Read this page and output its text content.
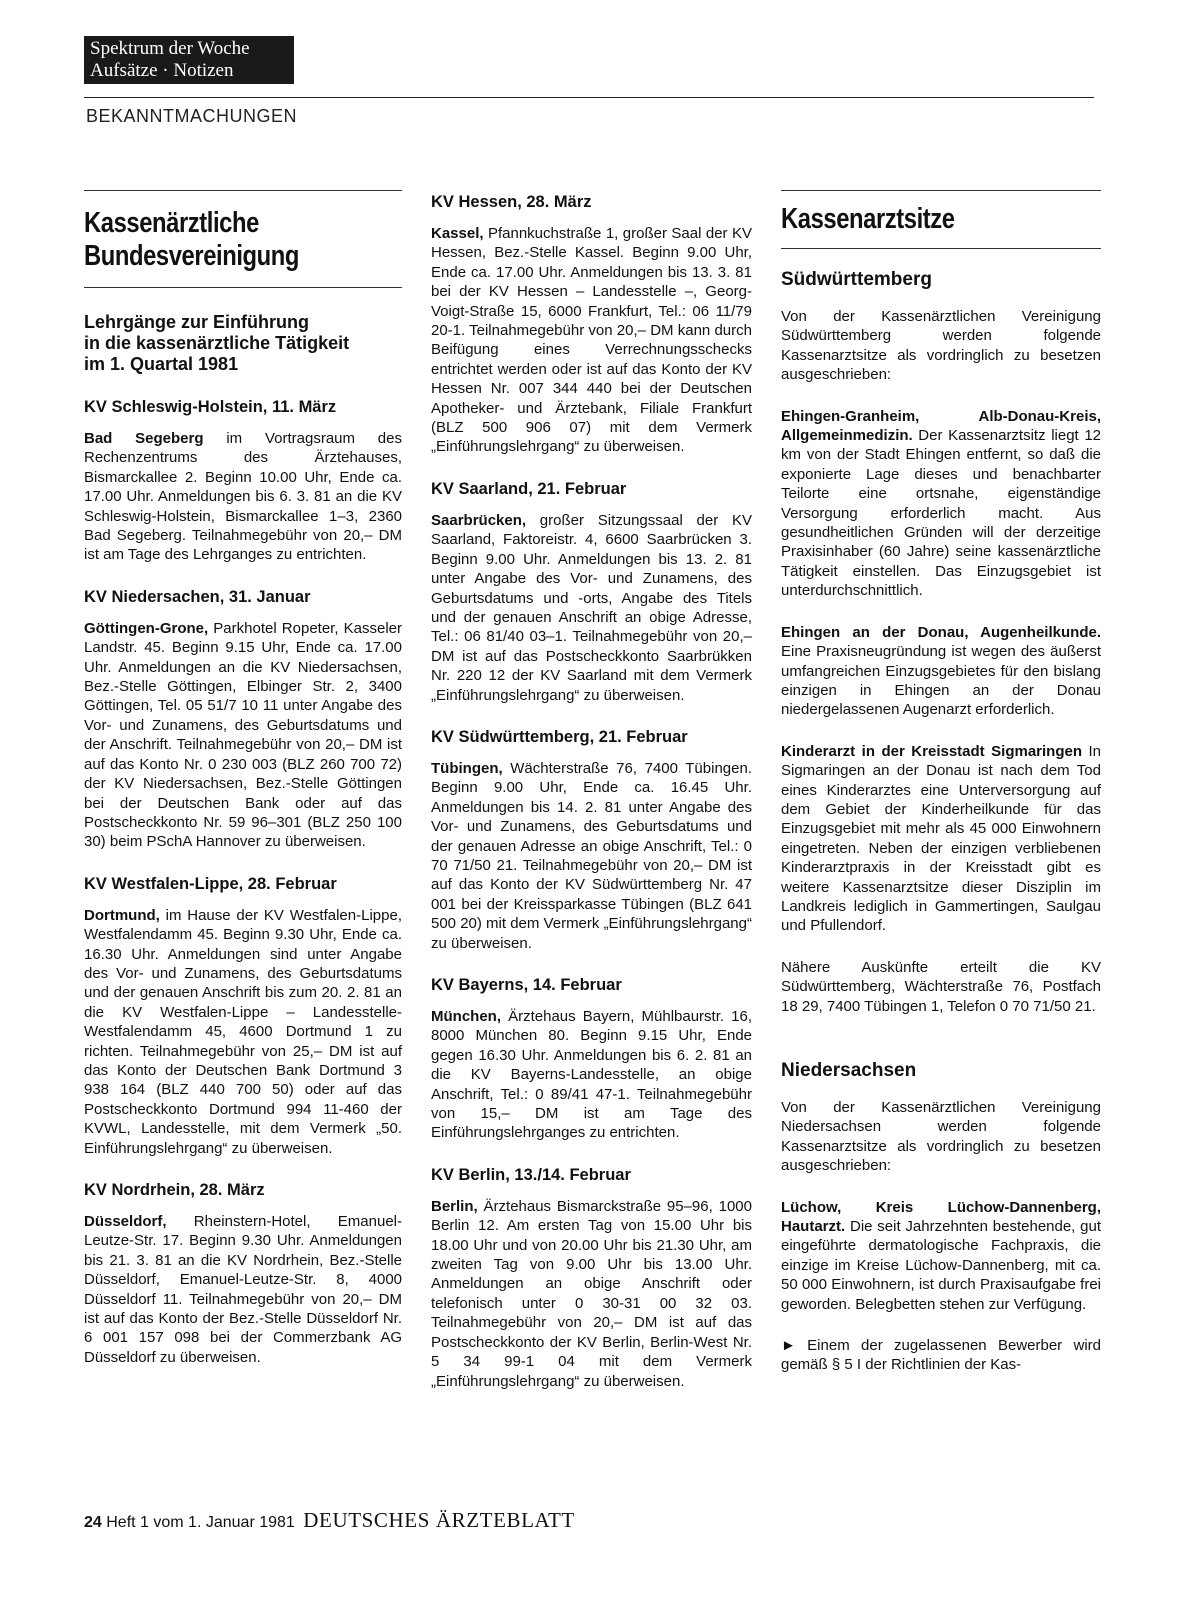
Spektrum der Woche
Aufsätze · Notizen
BEKANNTMACHUNGEN
Kassenärztliche
Bundesvereinigung
Lehrgänge zur Einführung
in die kassenärztliche Tätigkeit
im 1. Quartal 1981
KV Schleswig-Holstein, 11. März

Bad Segeberg im Vortragsraum des Rechenzentrums des Ärztehauses, Bismarckallee 2. Beginn 10.00 Uhr, Ende ca. 17.00 Uhr. Anmeldungen bis 6. 3. 81 an die KV Schleswig-Holstein, Bismarckallee 1–3, 2360 Bad Segeberg. Teilnahmegebühr von 20,– DM ist am Tage des Lehrganges zu entrichten.

KV Niedersachen, 31. Januar

Göttingen-Grone, Parkhotel Ropeter, Kasseler Landstr. 45. Beginn 9.15 Uhr, Ende ca. 17.00 Uhr. Anmeldungen an die KV Niedersachsen, Bez.-Stelle Göttingen, Elbinger Str. 2, 3400 Göttingen, Tel. 05 51/7 10 11 unter Angabe des Vor- und Zunamens, des Geburtsdatums und der Anschrift. Teilnahmegebühr von 20,– DM ist auf das Konto Nr. 0 230 003 (BLZ 260 700 72) der KV Niedersachsen, Bez.-Stelle Göttingen bei der Deutschen Bank oder auf das Postscheckkonto Nr. 59 96–301 (BLZ 250 100 30) beim PSchA Hannover zu überweisen.

KV Westfalen-Lippe, 28. Februar

Dortmund, im Hause der KV Westfalen-Lippe, Westfalendamm 45. Beginn 9.30 Uhr, Ende ca. 16.30 Uhr. Anmeldungen sind unter Angabe des Vor- und Zunamens, des Geburtsdatums und der genauen Anschrift bis zum 20. 2. 81 an die KV Westfalen-Lippe – Landesstelle-Westfalendamm 45, 4600 Dortmund 1 zu richten. Teilnahmegebühr von 25,– DM ist auf das Konto der Deutschen Bank Dortmund 3 938 164 (BLZ 440 700 50) oder auf das Postscheckkonto Dortmund 994 11-460 der KVWL, Landesstelle, mit dem Vermerk „50. Einführungslehrgang“ zu überweisen.

KV Nordrhein, 28. März

Düsseldorf, Rheinstern-Hotel, Emanuel-Leutze-Str. 17. Beginn 9.30 Uhr. Anmeldungen bis 21. 3. 81 an die KV Nordrhein, Bez.-Stelle Düsseldorf, Emanuel-Leutze-Str. 8, 4000 Düsseldorf 11. Teilnahmegebühr von 20,– DM ist auf das Konto der Bez.-Stelle Düsseldorf Nr. 6 001 157 098 bei der Commerzbank AG Düsseldorf zu überweisen.

KV Hessen, 28. März

Kassel, Pfannkuchstraße 1, großer Saal der KV Hessen, Bez.-Stelle Kassel. Beginn 9.00 Uhr, Ende ca. 17.00 Uhr. Anmeldungen bis 13. 3. 81 bei der KV Hessen – Landesstelle –, Georg-Voigt-Straße 15, 6000 Frankfurt, Tel.: 06 11/79 20-1. Teilnahmegebühr von 20,– DM kann durch Beifügung eines Verrechnungsschecks entrichtet werden oder ist auf das Konto der KV Hessen Nr. 007 344 440 bei der Deutschen Apotheker- und Ärztebank, Filiale Frankfurt (BLZ 500 906 07) mit dem Vermerk „Einführungslehrgang“ zu überweisen.

KV Saarland, 21. Februar

Saarbrücken, großer Sitzungssaal der KV Saarland, Faktoreistr. 4, 6600 Saarbrücken 3. Beginn 9.00 Uhr. Anmeldungen bis 13. 2. 81 unter Angabe des Vor- und Zunamens, des Geburtsdatums und -orts, Angabe des Titels und der genauen Anschrift an obige Adresse, Tel.: 06 81/40 03–1. Teilnahmegebühr von 20,– DM ist auf das Postscheckkonto Saarbrükken Nr. 220 12 der KV Saarland mit dem Vermerk „Einführungslehrgang“ zu überweisen.

KV Südwürttemberg, 21. Februar

Tübingen, Wächterstraße 76, 7400 Tübingen. Beginn 9.00 Uhr, Ende ca. 16.45 Uhr. Anmeldungen bis 14. 2. 81 unter Angabe des Vor- und Zunamens, des Geburtsdatums und der genauen Adresse an obige Anschrift, Tel.: 0 70 71/50 21. Teilnahmegebühr von 20,– DM ist auf das Konto der KV Südwürttemberg Nr. 47 001 bei der Kreissparkasse Tübingen (BLZ 641 500 20) mit dem Vermerk „Einführungslehrgang“ zu überweisen.

KV Bayerns, 14. Februar

München, Ärztehaus Bayern, Mühlbaurstr. 16, 8000 München 80. Beginn 9.15 Uhr, Ende gegen 16.30 Uhr. Anmeldungen bis 6. 2. 81 an die KV Bayerns-Landesstelle, an obige Anschrift, Tel.: 0 89/41 47-1. Teilnahmegebühr von 15,– DM ist am Tage des Einführungslehrganges zu entrichten.

KV Berlin, 13./14. Februar

Berlin, Ärztehaus Bismarckstraße 95–96, 1000 Berlin 12. Am ersten Tag von 15.00 Uhr bis 18.00 Uhr und von 20.00 Uhr bis 21.30 Uhr, am zweiten Tag von 9.00 Uhr bis 13.00 Uhr. Anmeldungen an obige Anschrift oder telefonisch unter 0 30-31 00 32 03. Teilnahmegebühr von 20,– DM ist auf das Postscheckkonto der KV Berlin, Berlin-West Nr. 5 34 99-1 04 mit dem Vermerk „Einführungslehrgang“ zu überweisen.

Kassenarztsitze
Südwürttemberg

Von der Kassenärztlichen Vereinigung Südwürttemberg werden folgende Kassenarztsitze als vordringlich zu besetzen ausgeschrieben:

Ehingen-Granheim, Alb-Donau-Kreis, Allgemeinmedizin. Der Kassenarztsitz liegt 12 km von der Stadt Ehingen entfernt, so daß die exponierte Lage dieses und benachbarter Teilorte eine ortsnahe, eigenständige Versorgung erforderlich macht. Aus gesundheitlichen Gründen will der derzeitige Praxisinhaber (60 Jahre) seine kassenärztliche Tätigkeit einstellen. Das Einzugsgebiet ist unterdurchschnittlich.

Ehingen an der Donau, Augenheilkunde. Eine Praxisneugründung ist wegen des äußerst umfangreichen Einzugsgebietes für den bislang einzigen in Ehingen an der Donau niedergelassenen Augenarzt erforderlich.

Kinderarzt in der Kreisstadt Sigmaringen In Sigmaringen an der Donau ist nach dem Tod eines Kinderarztes eine Unterversorgung auf dem Gebiet der Kinderheilkunde für das Einzugsgebiet mit mehr als 45 000 Einwohnern eingetreten. Neben der einzigen verbliebenen Kinderarztpraxis in der Kreisstadt gibt es weitere Kassenarztsitze dieser Disziplin im Landkreis lediglich in Gammertingen, Saulgau und Pfullendorf.

Nähere Auskünfte erteilt die KV Südwürttemberg, Wächterstraße 76, Postfach 18 29, 7400 Tübingen 1, Telefon 0 70 71/50 21.

Niedersachsen

Von der Kassenärztlichen Vereinigung Niedersachsen werden folgende Kassenarztsitze als vordringlich zu besetzen ausgeschrieben:

Lüchow, Kreis Lüchow-Dannenberg, Hautarzt. Die seit Jahrzehnten bestehende, gut eingeführte dermatologische Fachpraxis, die einzige im Kreise Lüchow-Dannenberg, mit ca. 50 000 Einwohnern, ist durch Praxisaufgabe frei geworden. Belegbetten stehen zur Verfügung.

► Einem der zugelassenen Bewerber wird gemäß § 5 I der Richtlinien der Kas-

24 Heft 1 vom 1. Januar 1981 DEUTSCHES ÄRZTEBLATT
